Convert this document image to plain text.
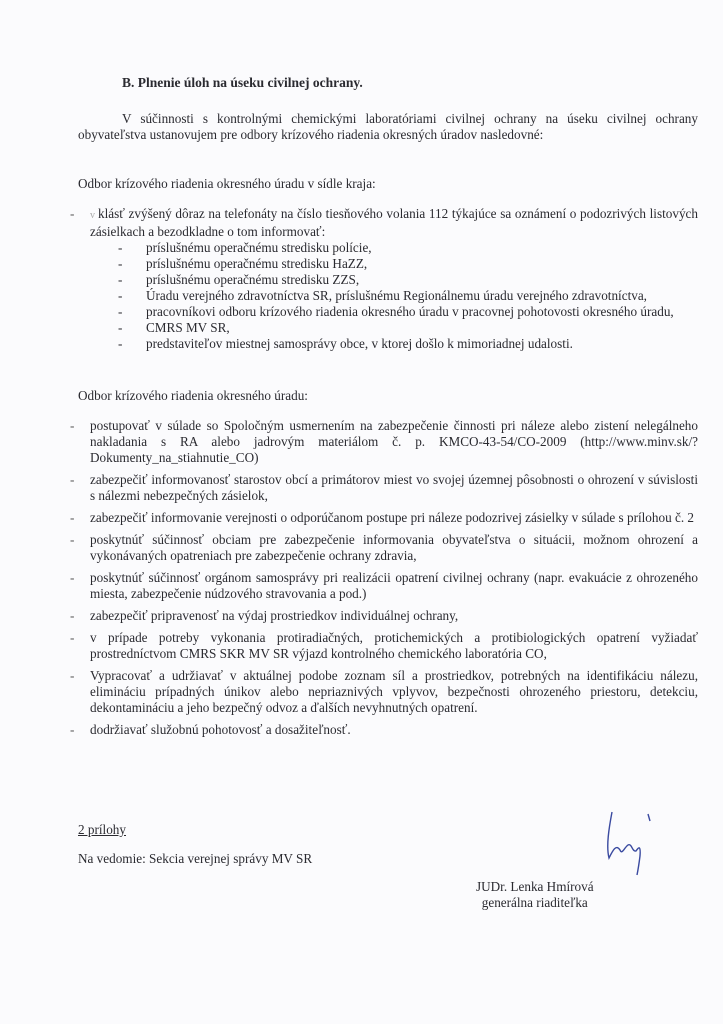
B. Plnenie úloh na úseku civilnej ochrany.
V súčinnosti s kontrolnými chemickými laboratóriami civilnej ochrany na úseku civilnej ochrany obyvateľstva ustanovujem pre odbory krízového riadenia okresných úradov nasledovné:
Odbor krízového riadenia okresného úradu v sídle kraja:
- v klásť zvýšený dôraz na telefonáty na číslo tiesňového volania 112 týkajúce sa oznámení o podozrivých listových zásielkach a bezodkladne o tom informovať:
- príslušnému operačnému stredisku polície,
- príslušnému operačnému stredisku HaZZ,
- príslušnému operačnému stredisku ZZS,
- Úradu verejného zdravotníctva SR, príslušnému Regionálnemu úradu verejného zdravotníctva,
- pracovníkovi odboru krízového riadenia okresného úradu v pracovnej pohotovosti okresného úradu,
- CMRS MV SR,
- predstaviteľov miestnej samosprávy obce, v ktorej došlo k mimoriadnej udalosti.
Odbor krízového riadenia okresného úradu:
- postupovať v súlade so Spoločným usmernením na zabezpečenie činnosti pri náleze alebo zistení nelegálneho nakladania s RA alebo jadrovým materiálom č. p. KMCO-43-54/CO-2009 (http://www.minv.sk/?Dokumenty_na_stiahnutie_CO)
- zabezpečiť informovanosť starostov obcí a primátorov miest vo svojej územnej pôsobnosti o ohrození v súvislosti s nálezmi nebezpečných zásielok,
- zabezpečiť informovanie verejnosti o odporúčanom postupe pri náleze podozrivej zásielky v súlade s prílohou č. 2
- poskytnúť súčinnosť obciam pre zabezpečenie informovania obyvateľstva o situácii, možnom ohrození a vykonávaných opatreniach pre zabezpečenie ochrany zdravia,
- poskytnúť súčinnosť orgánom samosprávy pri realizácii opatrení civilnej ochrany (napr. evakuácie z ohrozeného miesta, zabezpečenie núdzového stravovania a pod.)
- zabezpečiť pripravenosť na výdaj prostriedkov individuálnej ochrany,
- v prípade potreby vykonania protiradiačných, protichemických a protibiologických opatrení vyžiadať prostredníctvom CMRS SKR MV SR výjazd kontrolného chemického laboratória CO,
- Vypracovať a udržiavať v aktuálnej podobe zoznam síl a prostriedkov, potrebných na identifikáciu nálezu, elimináciu prípadných únikov alebo nepriaznivých vplyvov, bezpečnosti ohrozeného priestoru, detekciu, dekontamináciu a jeho bezpečný odvoz a ďalších nevyhnutných opatrení.
- dodržiavať služobnú pohotovosť a dosažiteľnosť.
2 prílohy
Na vedomie: Sekcia verejnej správy MV SR
JUDr. Lenka Hmírová
generálna riaditeľka
